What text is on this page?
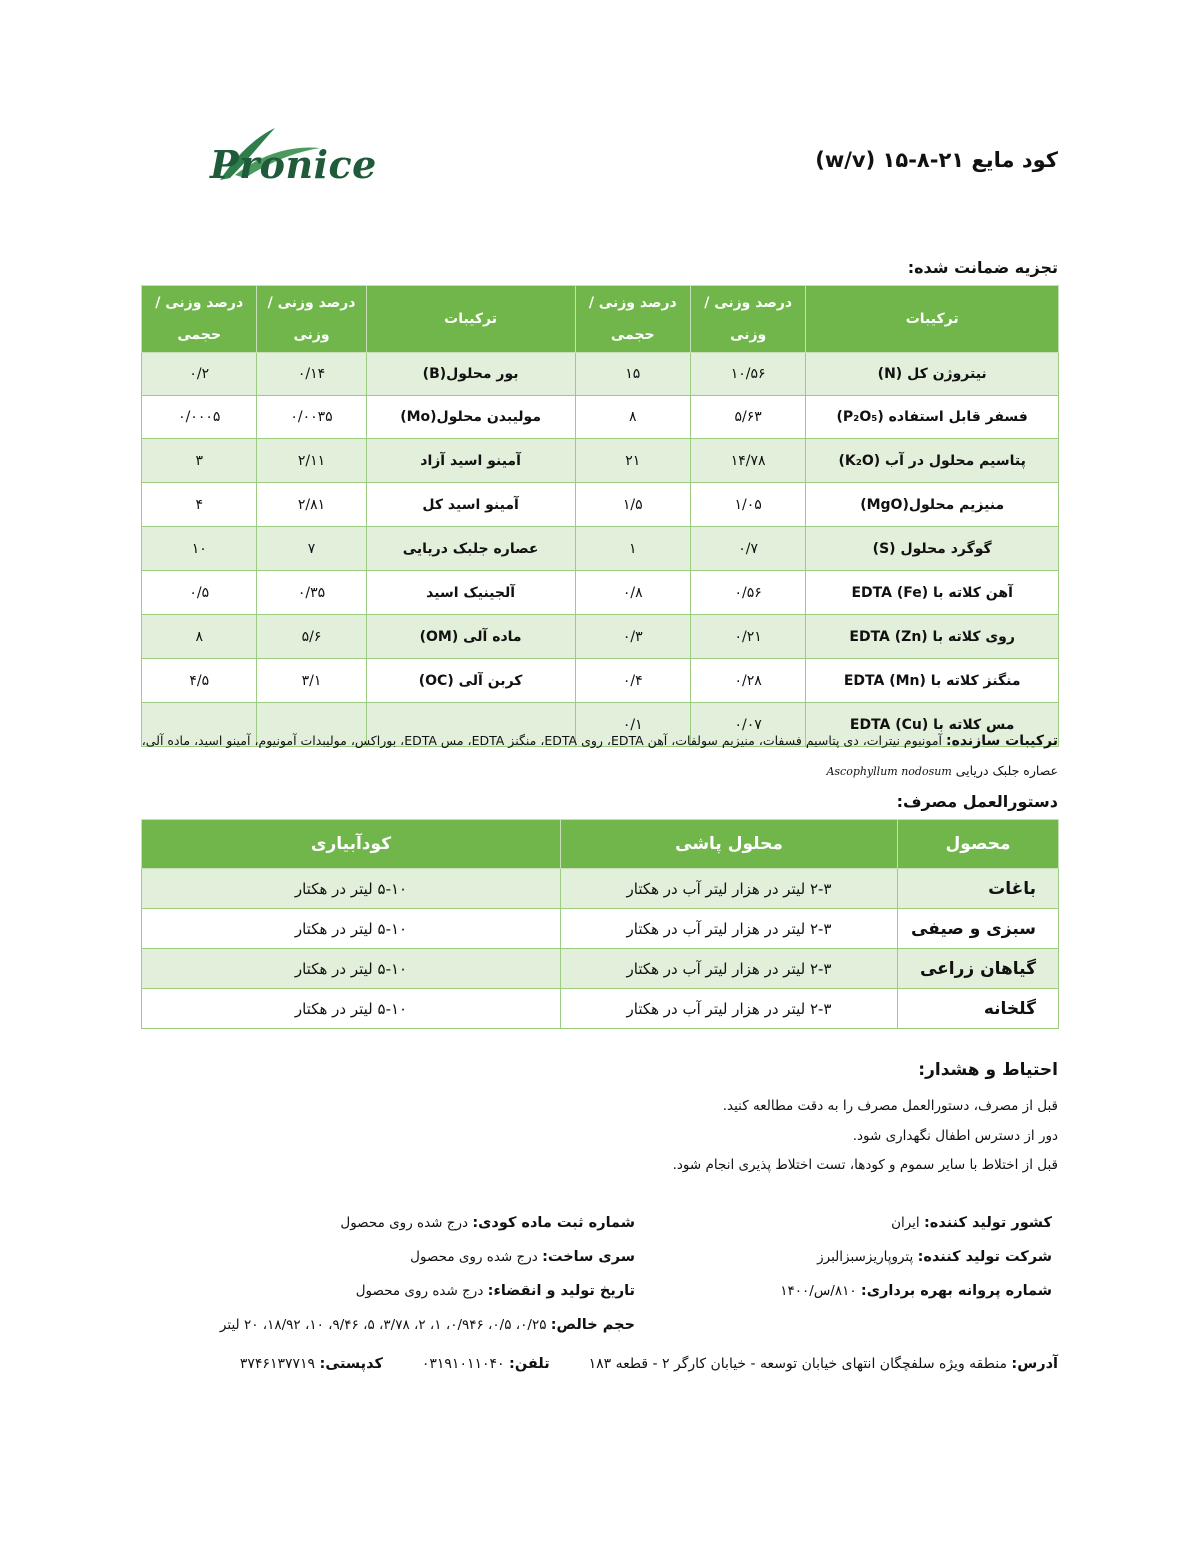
Pronice	کود مایع ۲۱-۸-۱۵ (w/v)
تجزیه ضمانت شده:
ترکیبات	درصد وزنی / وزنی	درصد وزنی / حجمی	ترکیبات	درصد وزنی / وزنی	درصد وزنی / حجمی
نیتروژن کل (N)	۱۰/۵۶	۱۵	بور محلول(B)	۰/۱۴	۰/۲
فسفر قابل استفاده (P₂O₅)	۵/۶۳	۸	مولیبدن محلول(Mo)	۰/۰۰۳۵	۰/۰۰۰۵
پتاسیم محلول در آب (K₂O)	۱۴/۷۸	۲۱	آمینو اسید آزاد	۲/۱۱	۳
منیزیم محلول(MgO)	۱/۰۵	۱/۵	آمینو اسید کل	۲/۸۱	۴
گوگرد محلول (S)	۰/۷	۱	عصاره جلبک دریایی	۷	۱۰
آهن کلاته با EDTA (Fe)	۰/۵۶	۰/۸	آلجینیک اسید	۰/۳۵	۰/۵
روی کلاته با EDTA (Zn)	۰/۲۱	۰/۳	ماده آلی (OM)	۵/۶	۸
منگنز کلاته با EDTA (Mn)	۰/۲۸	۰/۴	کربن آلی (OC)	۳/۱	۴/۵
مس کلاته با EDTA (Cu)	۰/۰۷	۰/۱			
ترکیبات سازنده: آمونیوم نیترات، دی پتاسیم فسفات، منیزیم سولفات، آهن EDTA، روی EDTA، منگنز EDTA، مس EDTA، بوراکس، مولیبدات آمونیوم، آمینو اسید، ماده آلی، عصاره جلبک دریایی Ascophyllum nodosum
دستورالعمل مصرف:
محصول	محلول پاشی	کودآبیاری
باغات	۲-۳ لیتر در هزار لیتر آب در هکتار	۵-۱۰ لیتر در هکتار
سبزی و صیفی	۲-۳ لیتر در هزار لیتر آب در هکتار	۵-۱۰ لیتر در هکتار
گیاهان زراعی	۲-۳ لیتر در هزار لیتر آب در هکتار	۵-۱۰ لیتر در هکتار
گلخانه	۲-۳ لیتر در هزار لیتر آب در هکتار	۵-۱۰ لیتر در هکتار
احتیاط و هشدار:
قبل از مصرف، دستورالعمل مصرف را به دقت مطالعه کنید.
دور از دسترس اطفال نگهداری شود.
قبل از اختلاط با سایر سموم و کودها، تست اختلاط پذیری انجام شود.
کشور تولید کننده: ایران
شرکت تولید کننده: پتروپاریزسبزالبرز
شماره پروانه بهره برداری: ۸۱۰/س/۱۴۰۰
شماره ثبت ماده کودی: درج شده روی محصول
سری ساخت: درج شده روی محصول
تاریخ تولید و انقضاء: درج شده روی محصول
حجم خالص: ۰/۲۵، ۰/۵، ۰/۹۴۶، ۱، ۲، ۳/۷۸، ۵، ۹/۴۶، ۱۰، ۱۸/۹۲، ۲۰ لیتر
آدرس: منطقه ویژه سلفچگان انتهای خیابان توسعه - خیابان کارگر ۲ - قطعه ۱۸۳  تلفن: ۰۳۱۹۱۰۱۱۰۴۰  کدپستی: ۳۷۴۶۱۳۷۷۱۹
